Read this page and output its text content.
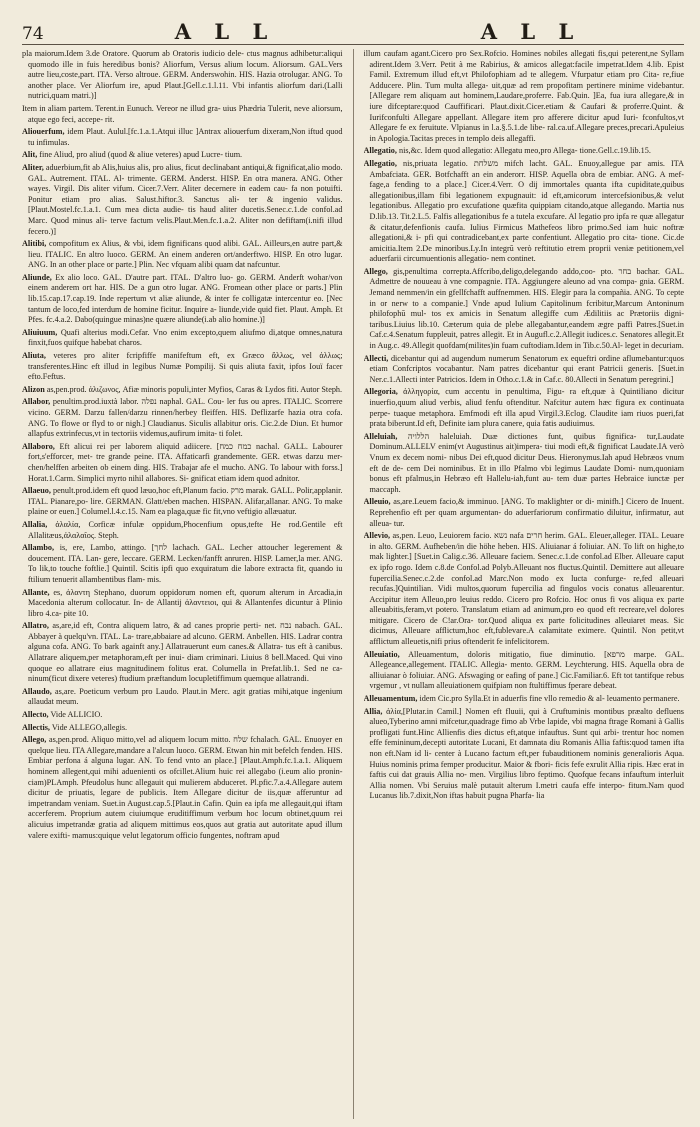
74	A L L	A L L

pla maiorum.Idem 3.de Oratore. Quorum ab Oratoris iudicio dele- ctus magnus adhibetur:aliqui quomodo ille in fuis heredibus bonis? Aliorfum, Versus alium locum. Aliorsum. GAL.Vers autre lieu,coste,part. ITA. Verso altroue. GERM. Anderswohin. HIS. Hazia otrolugar. ANG. To another place. Ver Aliorfum ire, apud Plaut.[Gell.c.1.l.11. Vbi infantis aliorfum dari.(Lalli nutrici,quam matri.)]

Item in aliam partem. Terent.in Eunuch. Vereor ne illud gra- uius Phædria Tulerit, neve aliorsum, atque ego feci, accepe- rit.

Aliouerfum, idem Plaut. Aulul.[fc.1.a.1.Atqui illuc ]Antrax aliouerfum dixeram,Non iftud quod tu infimulas.

Alit, fine Aliud, pro aliud (quod & aliue veteres) apud Lucre- tium.

Aliter, aduerbium,fit ab Alis,huius alis, pro alius, ficut declinabant antiqui,& fignificat,alio modo. GAL. Autrement. ITAL. Al- trimente. GERM. Anderst. HISP. En otra manera. ANG. Other wayes. Virgil. Dis aliter vifum. Cicer.7.Verr. Aliter decernere in eadem cau- fa non potuifti. Ponitur etiam pro alias. Salust.hiftor.3. Sanctus ali- ter & ingenio validus. [Plaut.Mostel.fc.1.a.1. Cum mea dicta audie- tis haud aliter ducetis.Senec.c.1.de confol.ad Marc. Quod minus ali- terve factum velis.Plaut.Men.fc.1.a.2. Aliter non defiftam(i.nifi illud fecero.)]

Alitibi, compofitum ex Alius, & vbi, idem fignificans quod alibi. GAL. Ailleurs,en autre part,& lieu. ITALIC. En altro luoco. GERM. An einem anderen ort/anderftwo. HISP. En otro lugar. ANG. In an other place or parte.] Plin. Nec vfquam alibi quam dat nafcuntur.

Aliunde, Ex alio loco. GAL. D'autre part. ITAL. D'altro luo- go. GERM. Anderft wohar/von einem anderem ort har. HIS. De a gun otro lugar. ANG. Fromean other place or parts.] Plin lib.15.cap.17.cap.19. Inde repertum vt aliæ aliunde, & inter fe colligatæ intercentur eo. [Nec tantum de loco,fed interdum de homine ficitur. Inquire a- liunde,vide quid fiet. Plaut. Amph. Et Pfes. fc.4.a.2. Dabo(quingue minas)ne quære aliunde(i.ab alio homine.)]

Aliuiuum, Quafi alterius modi.Cefar. Vno enim excepto,quem aliufmo di,atque omnes,natura finxit,fuos quifque habebat charos.

Aliuta, veteres pro aliter fcripfiffe manifeftum eft, ex Græco ἄλλως, vel ἀλλως; transferentes.Hinc eft illud in legibus Numæ Pompilij. Si quis aliuta faxit, ipfos Iouï facer efto.Feftus.

Alizon as,pen.prod. ἀλιζωνος, Afiæ minoris populi,inter Myfios, Caras & Lydos fiti. Autor Steph.

Allabor, penultim.prod.iuxtà labor. נפלה naphal. GAL. Cou- ler fus ou apres. ITALIC. Scorrere vicino. GERM. Darzu fallen/darzu rinnen/herbey fleiffen. HIS. Deflizarfe hazia otra cofa. ANG. To flowe or flyd to or nigh.] Claudianus. Siculis allabitur oris. Cic.2.de Diun. Et humor allapfus extrinfecus,vt in tectoriis videmus,aufirum imita- ti folet.

Allaboro, Eft alicui rei per laborem aliquid adiicere. [כמח כמח nachal. GALL. Labourer fort,s'efforcer, met- tre grande peine. ITA. Affaticarfi grandemente. GER. etwas darzu mer- chen/helffen arbeiten ob einem ding. HIS. Trabajar afe el mucho. ANG. To labour with forss.] Horat.1.Carm. Simplici myrto nihil allabores. Si- gnificat etiam idem quod adnitor.

Allaeuo, penult.prod.idem eft quod læuo,hoc eft,Planum facio. מרק marak. GALL. Polir,applanir. ITAL. Pianare,po- lire. GERMAN. Glatt/eben machen. HISPAN. Alifar,allanar. ANG. To make plaine or euen.] Columel.l.4.c.15. Nam ea plaga,quæ fic fit,vno veftigio allæuatur.

Allalia, ἀλαλία, Corficæ infulæ oppidum,Phocenfium opus,tefte He rod.Gentile eft Allalitæus,ἀλαλαῖος. Steph.

Allambo, is, ere, Lambo, attingo. [לחך lachach. GAL. Lecher attoucher legerement & doucement. ITA. Lan- gere, leccare. GERM. Lecken/fanfft anruren. HISP. Lamer,la mer. ANG. To lik,to touche foftlie.] Quintil. Scitis ipfi quo exquiratum die labore extracta fit, quando iu ftilium tenuerit allambentibus flam- mis.

Allante, es, ἀλαντη Stephano, duorum oppidorum nomen eft, quorum alterum in Arcadia,in Macedonia alterum collocatur. In- de Allantij ἀλαντειοι, qui & Allantenfes dicuntur à Plinio libro 4.ca- pite 10.

Allatro, as,are,id eft, Contra aliquem latro, & ad canes proprie perti- net. נבח nabach. GAL. Abbayer à quelqu'vn. ITAL. La- trare,abbaiare ad alcuno. GERM. Anbellen. HIS. Ladrar contra alguna cofa. ANG. To bark againft any.] Allatrauerunt eum canes.& Allatra- tus eft à canibus. Allatrare aliquem,per metaphoram,eft per inui- diam criminari. Liuius 8 bell.Maced. Qui vino quoque eo allatrare eius magnitudinem folitus erat. Columella in Prefat.lib.1. Sed ne ca- ninum(ficut dixere veteres) ftudium præftandum locupletiffimum quemque allatrandi.

Allaudo, as,are. Poeticum verbum pro Laudo. Plaut.in Merc. agit gratias mihi,atque ingenium allaudat meum.

Allecto, Vide ALLICIO.

Allectis, Vide ALLEGO,allegis.

Allego, as,pen.prod. Aliquo mitto,vel ad aliquem locum mitto. שלח fchalach. GAL. Enuoyer en quelque lieu. ITA Allegare,mandare a l'alcun luoco. GERM. Etwan hin mit befelch fenden. HIS. Embiar perfona á alguna lugar. AN. To fend vnto an place.] [Plaut.Amph.fc.1.a.1. Aliquem hominem allegent,qui mihi aduenienti os ofcillet.Alium huic rei allegabo (i.eum alio pronin- ciam)PLAmph. Pfeudolus hunc allegauit qui mulierem abduceret. Pl.pfic.7.a.4.Allegare autem dicitur de priuatis, legare de publicis. Item Allegare dicitur de iis,quæ afferuntur ad impetrandam veniam. Suet.in August.cap.5.[Plaut.in Cafin. Quin ea ipfa me allegauit,qui iftam accerferem. Proprium autem ciuiumque eruditiffimum verbum hoc locum obtinet,quum rei alicuius impetrandæ gratia ad aliquem mittimus eos,quos aut gratia aut autoritate apud illum valere exifti- mamus:quique velut legatorum officio fungentes, noftram apud

illum caufam agant.Cicero pro Sex.Rofcio. Homines nobiles allegati fis,qui peterent,ne Syllam adirent.Idem 3.Verr. Petit à me Rabirius, & amicos allegat:facile impetrat.Idem 4.lib. Epist Famil. Extremum illud eft,vt Philofophiam ad te allegem. Vfurpatur etiam pro Cita- re,fiue Adducere. Plin. Tum multa allega- uit,quæ ad rem propofitam pertinere minime videbantur. [Allegare rem aliquam aut hominem,Laudare,proferre. Fab.Quin. ]Ea, fua iura allegare,& in iure difceptare:quod Cauffificari. Plaut.dixit.Cicer.etiam & Caufari & proferre.Quint. & Iurifconfulti Allegare appellant. Allegare item pro afferere dicitur apud Iuri- fconfultos,vt Allegare fe ex feruitute. Vlpianus in l.a.§.5.1.de libe- ral.ca.uf.Allegare preces,precari.Apuleius in Apologia.Tacitas preces in templo deis allegaffi.

Allegatio, nis,&c. Idem quod allegatio: Allegatu meo,pro Allega- tione.Gell.c.19.lib.15.

Allegatio, nis,priuata legatio. משלחת mifch lacht. GAL. Enuoy,allegue par amis. ITA Ambafciata. GER. Botfchafft an ein anderorr. HISP. Aquella obra de embiar. ANG. A mef- fage,a fending to a place.] Cicer.4.Verr. O dij immortales quanta ifta cupiditate,quibus allegationibus,illam fibi legationem expugnauit: id eft,amicorum intercefsionibus,& velut legationibus. Allegatio pro excufatione quæfita quippiam citando,atque allegando. Martia nus D.lib.13. Tit.2.L.5. Falfis allegationibus fe a tutela excufare. Al legatio pro ipfa re quæ allegatur & citatur,defenfionis caufa. Iulius Firmicus Mathefeos libro primo.Sed iam huic noftræ allegationi,& i- pfi qui contradicebant,ex parte confentiunt. Allegatio pro cita- tione. Cic.de amicitia.Item 2.De minoribus.Ly.In integrū verò reftitutio etrem proprii veniæ petitionem,vel aduerfarii circumuentionis allegatio- nem continet.

Allego, gis,penultima correpta.Affcribo,deligo,delegando addo,coo- pto. בחר bachar. GAL. Admettre de nouueau à vne compagnie. ITA. Aggiungere aleuno ad vna compa- gnia. GERM. Jemand nemmen/in ein gfellfchafft auffnemmen. HIS. Elegir para la compañia. ANG. To cepte in or nerw to a companie.] Vnde apud Iulium Capitolinum fcribitur,Marcum Antoninum philofophū mul- tos ex amicis in Senatum allegiffe cum Ædilitiis ac Prætoriis digni- taribus.Liuius lib.10. Cæterum quia de plebe allegabantur,eandem ægre paffi Patres.[Suet.in Caf.c.4.Senatum fuppleuit, patres allegit. Et in Augufl.c.2.Allegit iudices.c. Senatores allegit.Et in Aug.c. 49.Allegit quofdam(milites)in fuam cuftodiam.Idem in Tib.c.50.Al- leget in decuriam.

Allecti, dicebantur qui ad augendum numerum Senatorum ex equeftri ordine aflumebantur:quos etiam Confcriptos vocabantur. Nam patres dicebantur qui erant Patricii generis. [Suet.in Ner.c.1.Allecti inter Patricios. Idem in Otho.c.1.& in Caf.c. 80.Allecti in Senatum peregrini.]

Allegoria, ἀλληγορία, cum accentu in penultima, Figu- ra eft,quæ à Quintiliano dicitur inuerfio,quum aliud verbis, aliud fenfu oftenditur. Nafcitur autem hæc figura ex continuata perpe- tuaque metaphora. Emfmodi eft illa apud Virgil.3.Eclog. Claudite iam riuos pueri,fat prata biberunt.Id eft, Definite iam plura canere, quia fatis audiuimus.

Alleluiah, הללויה haleluiah. Duæ dictiones funt, quibus fignifica- tur,Laudate Dominum.ALLELV enim(vt Augustinus ait)impera- tiui modi eft,& fignificat Laudate.IA verò Vnum ex decem nomi- nibus Dei eft,quod dicitur Deus. Hieronymus.Iah apud Hebræos vnum eft de de- cem Dei nominibus. Et in illo Pfalmo vbi legimus Laudate Domi- num,quoniam bonus eft pfalmus,in Hebræo eft Hallelu-iah,funt au- tem duæ partes Hebraice iunctæ per maccaph.

Alleuio, as,are.Leuem facio,& imminuo. [ANG. To maklighter or di- minifh.] Cicero de Inuent. Reprehenfio eft per quam argumentan- do aduerfariorum confirmatio diluitur, infirmatur, aut alleua- tur.

Allevio, as,pen. Leuo, Leuiorem facio. נשא nafa חרים herim. GAL. Eleuer,alleger. ITAL. Leuare in alto. GERM. Aufheben/in die höhe heben. HIS. Aliuianar á foliuiar. AN. To lift on highe,to mak lighter.] [Suet.in Calig.c.36. Alleuare faciem. Senec.c.1.de confol.ad Elber. Alleuare caput ex ipfo rogo. Idem c.8.de Confol.ad Polyb.Alleuant nos fluctus.Quintil. Demittere aut alleuare fupercilia.Senec.c.2.de confol.ad Marc.Non modo ex lucta confurge- re,fed alleuari recufas.]Quintilian. Vidi multos,quorum fupercilia ad fingulos vocis conatus alleuarentur. Accipitur item Alleuo,pro leuius reddo. Cicero pro Rofcio. Hoc onus fi vos aliqua ex parte alleuabitis,feram,vt potero. Translatum etiam ad animum,pro eo quod eft recreare,vel dolores mitigare. Cicero de C!ar.Ora- tor.Quod aliqua ex parte folicitudines alleuiaret meas. Sic dicimus, Alleuare afflictum,hoc eft,fublevare.A calamitate eximere. Quintil. Non petit,vt afflictum alleuetis,nifi prius oftenderit fe infelicitorem.

Alleuiatio, Alleuamentum, doloris mitigatio, fiue diminutio. [מרפא marpe. GAL. Allegeance,allegement. ITALIC. Allegia- mento. GERM. Leychterung. HIS. Aquella obra de alliuianar ò foliuiar. ANG. Afswaging or eafing of pane.] Cic.Familiar.6. Eft tot tantifque rebus vrgemur , vt nullam alleuiationem quifpiam non ftultiffimus fperare debeat.

Alleuamentum, idem Cic.pro Sylla.Et in aduerfis fine vllo remedio & al- leuamento permanere.

Allia, ἀλία,[Plutar.in Camil.] Nomen eft fluuii, qui à Cruftuminis montibus præalto defluens alueo,Tyberino amni mifcetur,quadrage fimo ab Vrbe lapide, vbi magna ftrage Romani à Gallis profligati funt.Hinc Allienfis dies dictus eft,atque infauftus. Sunt qui arbi- trentur hoc nomen effe femininum,decepti autoritate Lucani, Et damnata diu Romanis Allia faftis:quod tamen ifta non eft.Nam id li- center à Lucano factum eft,per fubauditionem nominis generalioris Aqua. Huius nominis prima femper producitur. Maior & fbori- ficis fefe exrulit Allia ripis. Hæc erat in faftis cui dat grauis Allia no- men. Virgilius libro feptimo. Quofque fecans infauftum interluit Allia nomen. Vbi Seruius malè putauit alterum I.metri caufa effe interpo- fitum.Nam quod Lucanus lib.7.dixit,Non iftas habuit pugna Pharfa- lia
